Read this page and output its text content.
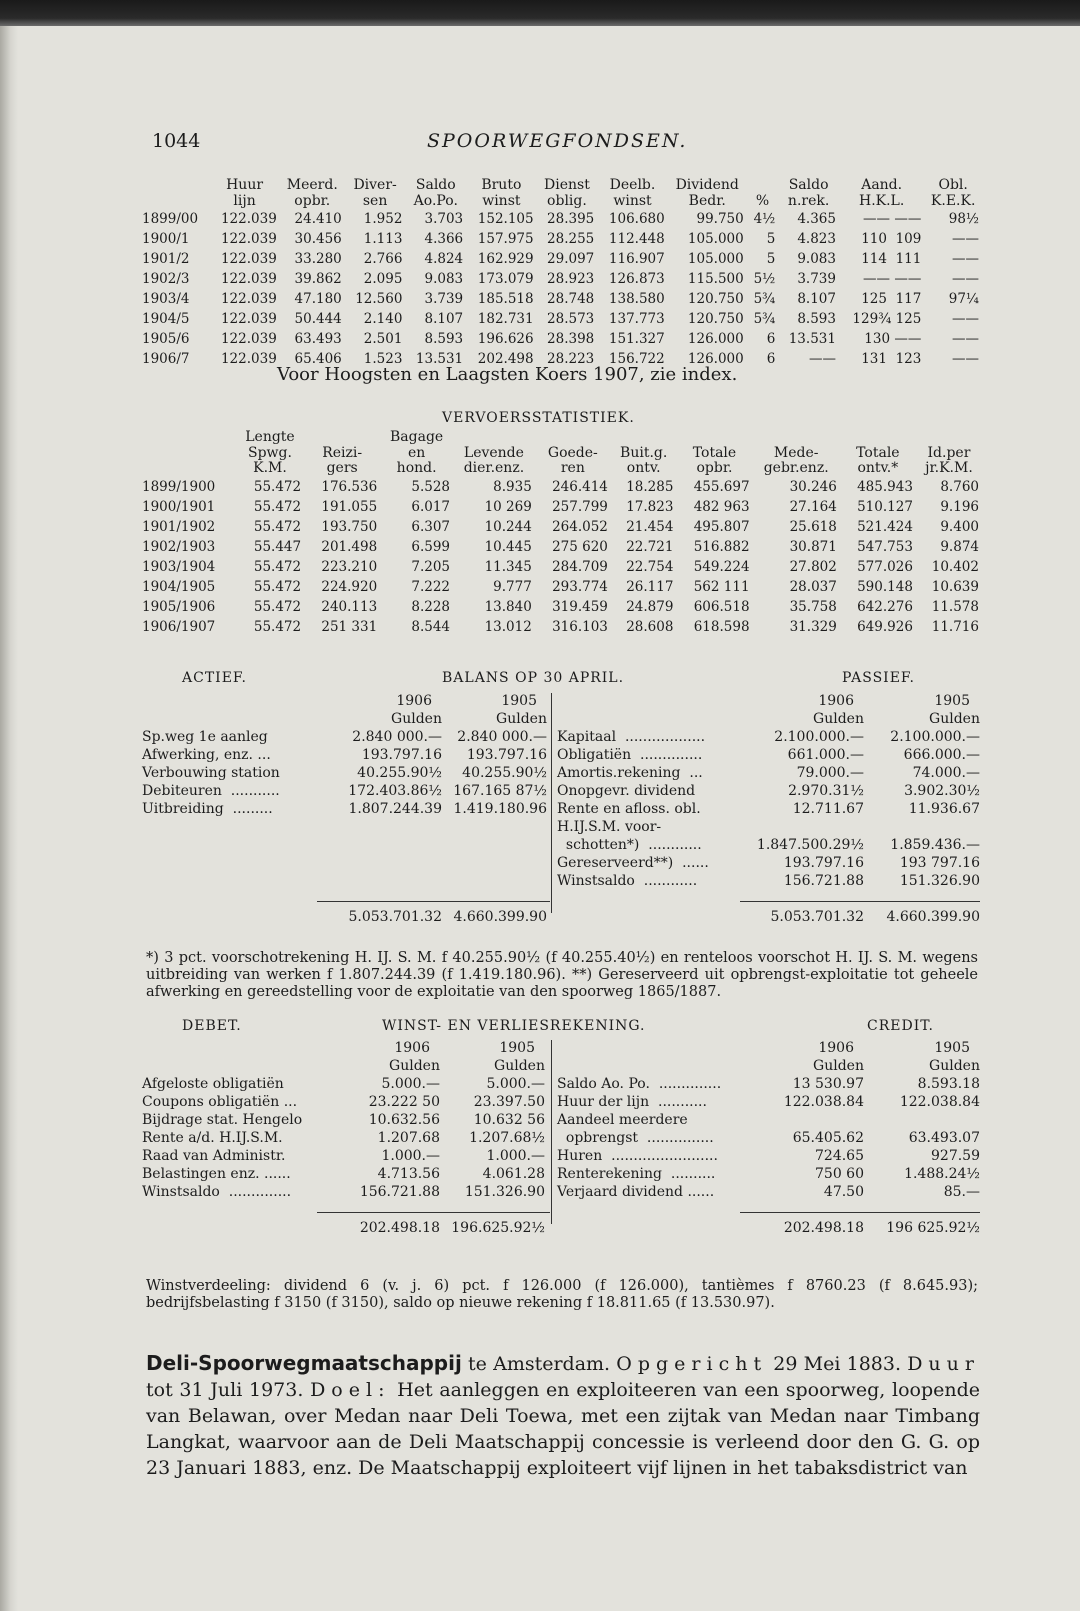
1044	SPOORWEGFONDSEN.
	Huur	Meerd.	Diver-	Saldo	Bruto	Dienst	Deelb.	Dividend		Saldo	Aand.	Obl.
	lijn	opbr.	sen	Ao.Po.	winst	oblig.	winst	Bedr.	%	n.rek.	H.K.L.	K.E.K.
1899/00	122.039	24.410	1.952	3.703	152.105	28.395	106.680	99.750	4½	4.365	—— ——	98½
1900/1	122.039	30.456	1.113	4.366	157.975	28.255	112.448	105.000	5	4.823	110  109	——
1901/2	122.039	33.280	2.766	4.824	162.929	29.097	116.907	105.000	5	9.083	114  111	——
1902/3	122.039	39.862	2.095	9.083	173.079	28.923	126.873	115.500	5½	3.739	—— ——	——
1903/4	122.039	47.180	12.560	3.739	185.518	28.748	138.580	120.750	5¾	8.107	125  117	97¼
1904/5	122.039	50.444	2.140	8.107	182.731	28.573	137.773	120.750	5¾	8.593	129¾ 125	——
1905/6	122.039	63.493	2.501	8.593	196.626	28.398	151.327	126.000	6	13.531	130 ——	——
1906/7	122.039	65.406	1.523	13.531	202.498	28.223	156.722	126.000	6	——	131  123	——
Voor Hoogsten en Laagsten Koers 1907, zie index.
VERVOERSSTATISTIEK.
	Lengte		Bagage							
	Spwg.	Reizi-	en	Levende	Goede-	Buit.g.	Totale	Mede-	Totale	Id.per
	K.M.	gers	hond.	dier.enz.	ren	ontv.	opbr.	gebr.enz.	ontv.*	jr.K.M.
1899/1900	55.472	176.536	5.528	8.935	246.414	18.285	455.697	30.246	485.943	8.760
1900/1901	55.472	191.055	6.017	10 269	257.799	17.823	482 963	27.164	510.127	9.196
1901/1902	55.472	193.750	6.307	10.244	264.052	21.454	495.807	25.618	521.424	9.400
1902/1903	55.447	201.498	6.599	10.445	275 620	22.721	516.882	30.871	547.753	9.874
1903/1904	55.472	223.210	7.205	11.345	284.709	22.754	549.224	27.802	577.026	10.402
1904/1905	55.472	224.920	7.222	9.777	293.774	26.117	562 111	28.037	590.148	10.639
1905/1906	55.472	240.113	8.228	13.840	319.459	24.879	606.518	35.758	642.276	11.578
1906/1907	55.472	251 331	8.544	13.012	316.103	28.608	618.598	31.329	649.926	11.716
ACTIEF.	BALANS OP 30 APRIL.	PASSIEF.
1906	1905	1906	1905
Gulden	Gulden	Gulden	Gulden
Sp.weg 1e aanleg	2.840 000.— 2.840 000.—
Afwerking, enz. ...	193.797.16 193.797.16
Verbouwing station	40.255.90½ 40.255.90½
Debiteuren  ...........	172.403.86½ 167.165 87½
Uitbreiding  .........	1.807.244.39 1.419.180.96
Kapitaal  ..................	2.100.000.— 2.100.000.—
Obligatiën  ..............	661.000.—	666.000.—
Amortis.rekening  ...	79.000.—	74.000.—
Onopgevr. dividend	2.970.31½	3.902.30½
Rente en afloss. obl.	12.711.67	11.936.67
H.IJ.S.M. voor-
schotten*)  ............	1.847.500.29½ 1.859.436.—
Gereserveerd**)  ......	193.797.16	193 797.16
Winstsaldo  ............	156.721.88	151.326.90
5.053.701.32 4.660.399.90	5.053.701.32 4.660.399.90
*) 3 pct. voorschotrekening H. IJ. S. M. f 40.255.90½ (f 40.255.40½) en renteloos voorschot H. IJ. S. M. wegens uitbreiding van werken f 1.807.244.39 (f 1.419.180.96). **) Gereserveerd uit opbrengst-exploitatie tot geheele afwerking en gereedstelling voor de exploitatie van den spoorweg 1865/1887.
DEBET.	WINST- EN VERLIESREKENING.	CREDIT.
1906	1905	1906	1905
Gulden	Gulden	Gulden	Gulden
Afgeloste obligatiën	5.000.—	5.000.—
Coupons obligatiën ...	23.222 50 23.397.50
Bijdrage stat. Hengelo	10.632.56 10.632 56
Rente a/d. H.IJ.S.M.	1.207.68 1.207.68½
Raad van Administr.	1.000.—	1.000.—
Belastingen enz. ......	4.713.56	4.061.28
Winstsaldo  ..............	156.721.88 151.326.90
Saldo Ao. Po.  ..............	13 530.97	8.593.18
Huur der lijn  ...........	122.038.84	122.038.84
Aandeel meerdere
opbrengst  ...............	65.405.62	63.493.07
Huren  ........................	724.65	927.59
Renterekening  ..........	750 60	1.488.24½
Verjaard dividend ......	47.50	85.—
202.498.18 196.625.92½	202.498.18 196 625.92½
Winstverdeeling: dividend 6 (v. j. 6) pct. f 126.000 (f 126.000), tantièmes f 8760.23 (f 8.645.93); bedrijfsbelasting f 3150 (f 3150), saldo op nieuwe rekening f 18.811.65 (f 13.530.97).
Deli-Spoorwegmaatschappij te Amsterdam. Opgericht 29 Mei 1883. Duur tot 31 Juli 1973. Doel: Het aanleggen en exploiteeren van een spoorweg, loopende van Belawan, over Medan naar Deli Toewa, met een zijtak van Medan naar Timbang Langkat, waarvoor aan de Deli Maatschappij concessie is verleend door den G. G. op 23 Januari 1883, enz. De Maatschappij exploiteert vijf lijnen in het tabaksdistrict van
